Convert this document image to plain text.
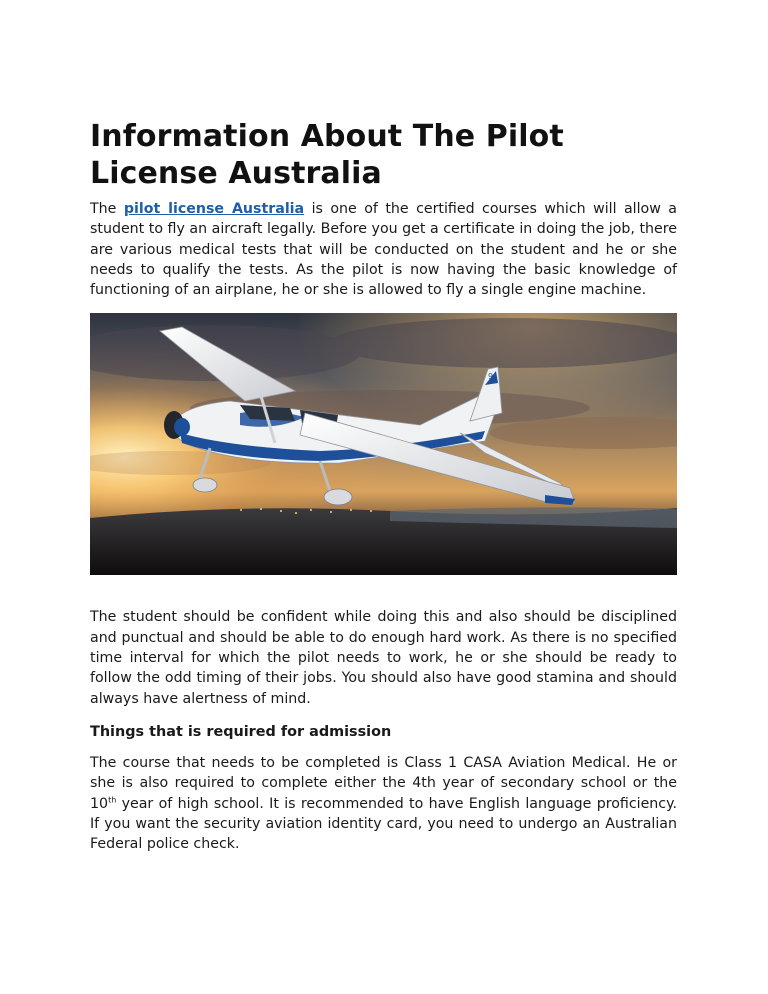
Information About The Pilot License Australia

The pilot license Australia is one of the certified courses which will allow a student to fly an aircraft legally. Before you get a certificate in doing the job, there are various medical tests that will be conducted on the student and he or she needs to qualify the tests. As the pilot is now having the basic knowledge of functioning of an airplane, he or she is allowed to fly a single engine machine.

9

The student should be confident while doing this and also should be disciplined and punctual and should be able to do enough hard work. As there is no specified time interval for which the pilot needs to work, he or she should be ready to follow the odd timing of their jobs. You should also have good stamina and should always have alertness of mind.

Things that is required for admission

The course that needs to be completed is Class 1 CASA Aviation Medical. He or she is also required to complete either the 4th year of secondary school or the 10th year of high school. It is recommended to have English language proficiency. If you want the security aviation identity card, you need to undergo an Australian Federal police check.
